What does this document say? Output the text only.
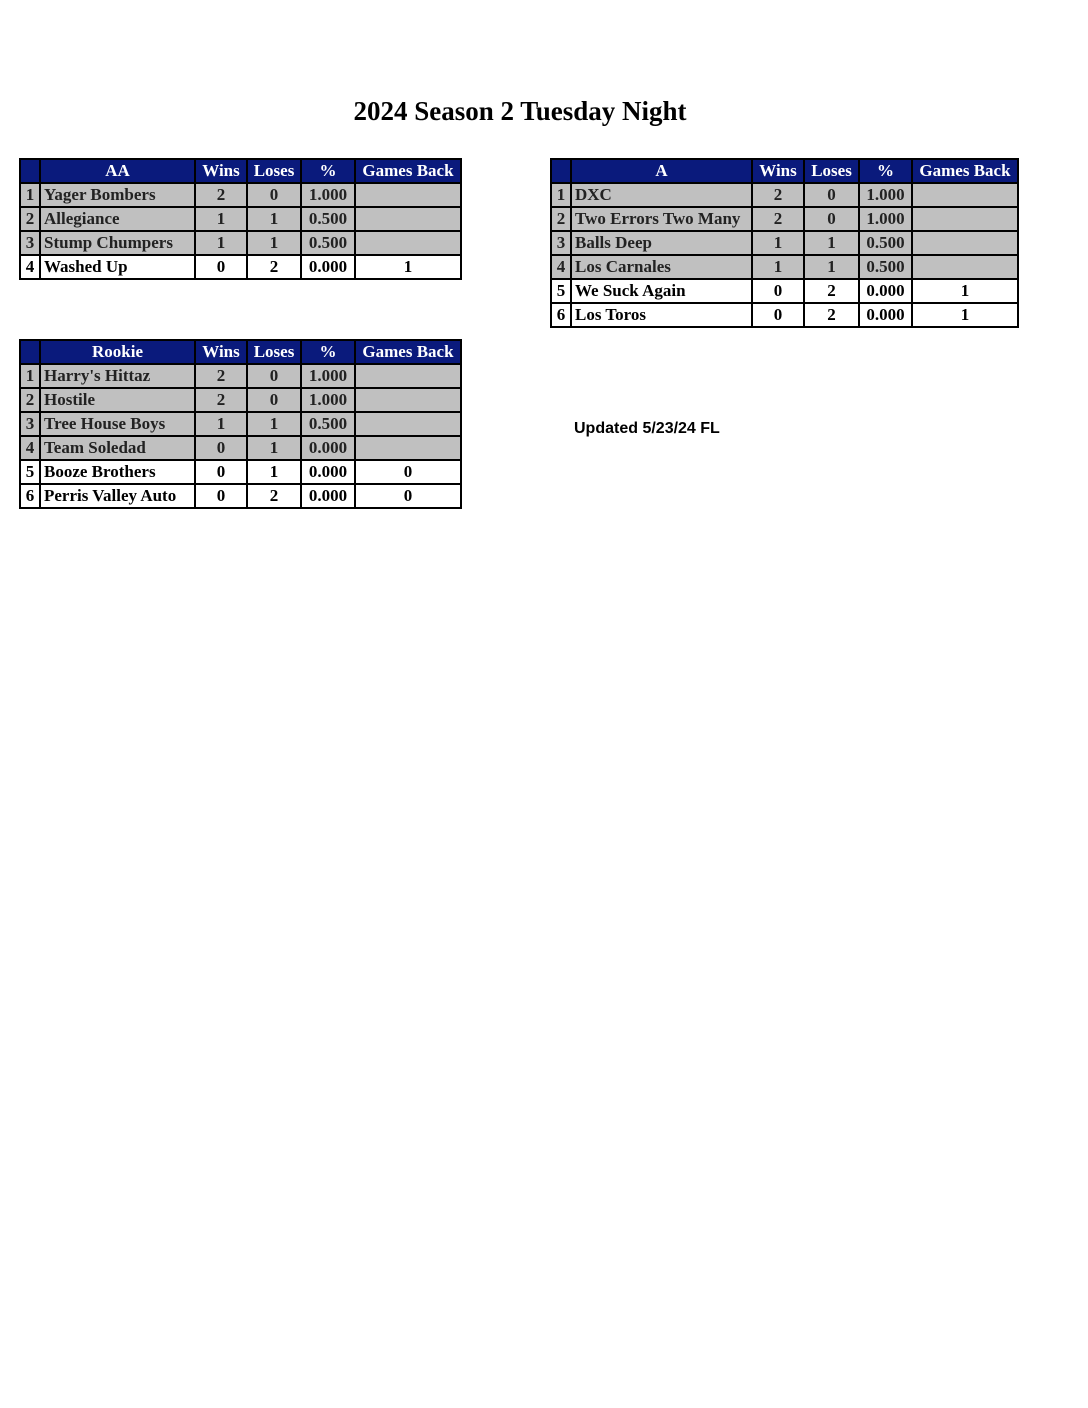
2024 Season 2 Tuesday Night
	AA	Wins	Loses	%	Games Back
1	Yager Bombers	2	0	1.000	
2	Allegiance	1	1	0.500	
3	Stump Chumpers	1	1	0.500	
4	Washed Up	0	2	0.000	1
	Rookie	Wins	Loses	%	Games Back
1	Harry's Hittaz	2	0	1.000	
2	Hostile	2	0	1.000	
3	Tree House Boys	1	1	0.500	
4	Team Soledad	0	1	0.000	
5	Booze Brothers	0	1	0.000	0
6	Perris Valley Auto	0	2	0.000	0
	A	Wins	Loses	%	Games Back
1	DXC	2	0	1.000	
2	Two Errors Two Many	2	0	1.000	
3	Balls Deep	1	1	0.500	
4	Los Carnales	1	1	0.500	
5	We Suck Again	0	2	0.000	1
6	Los Toros	0	2	0.000	1
Updated 5/23/24 FL
